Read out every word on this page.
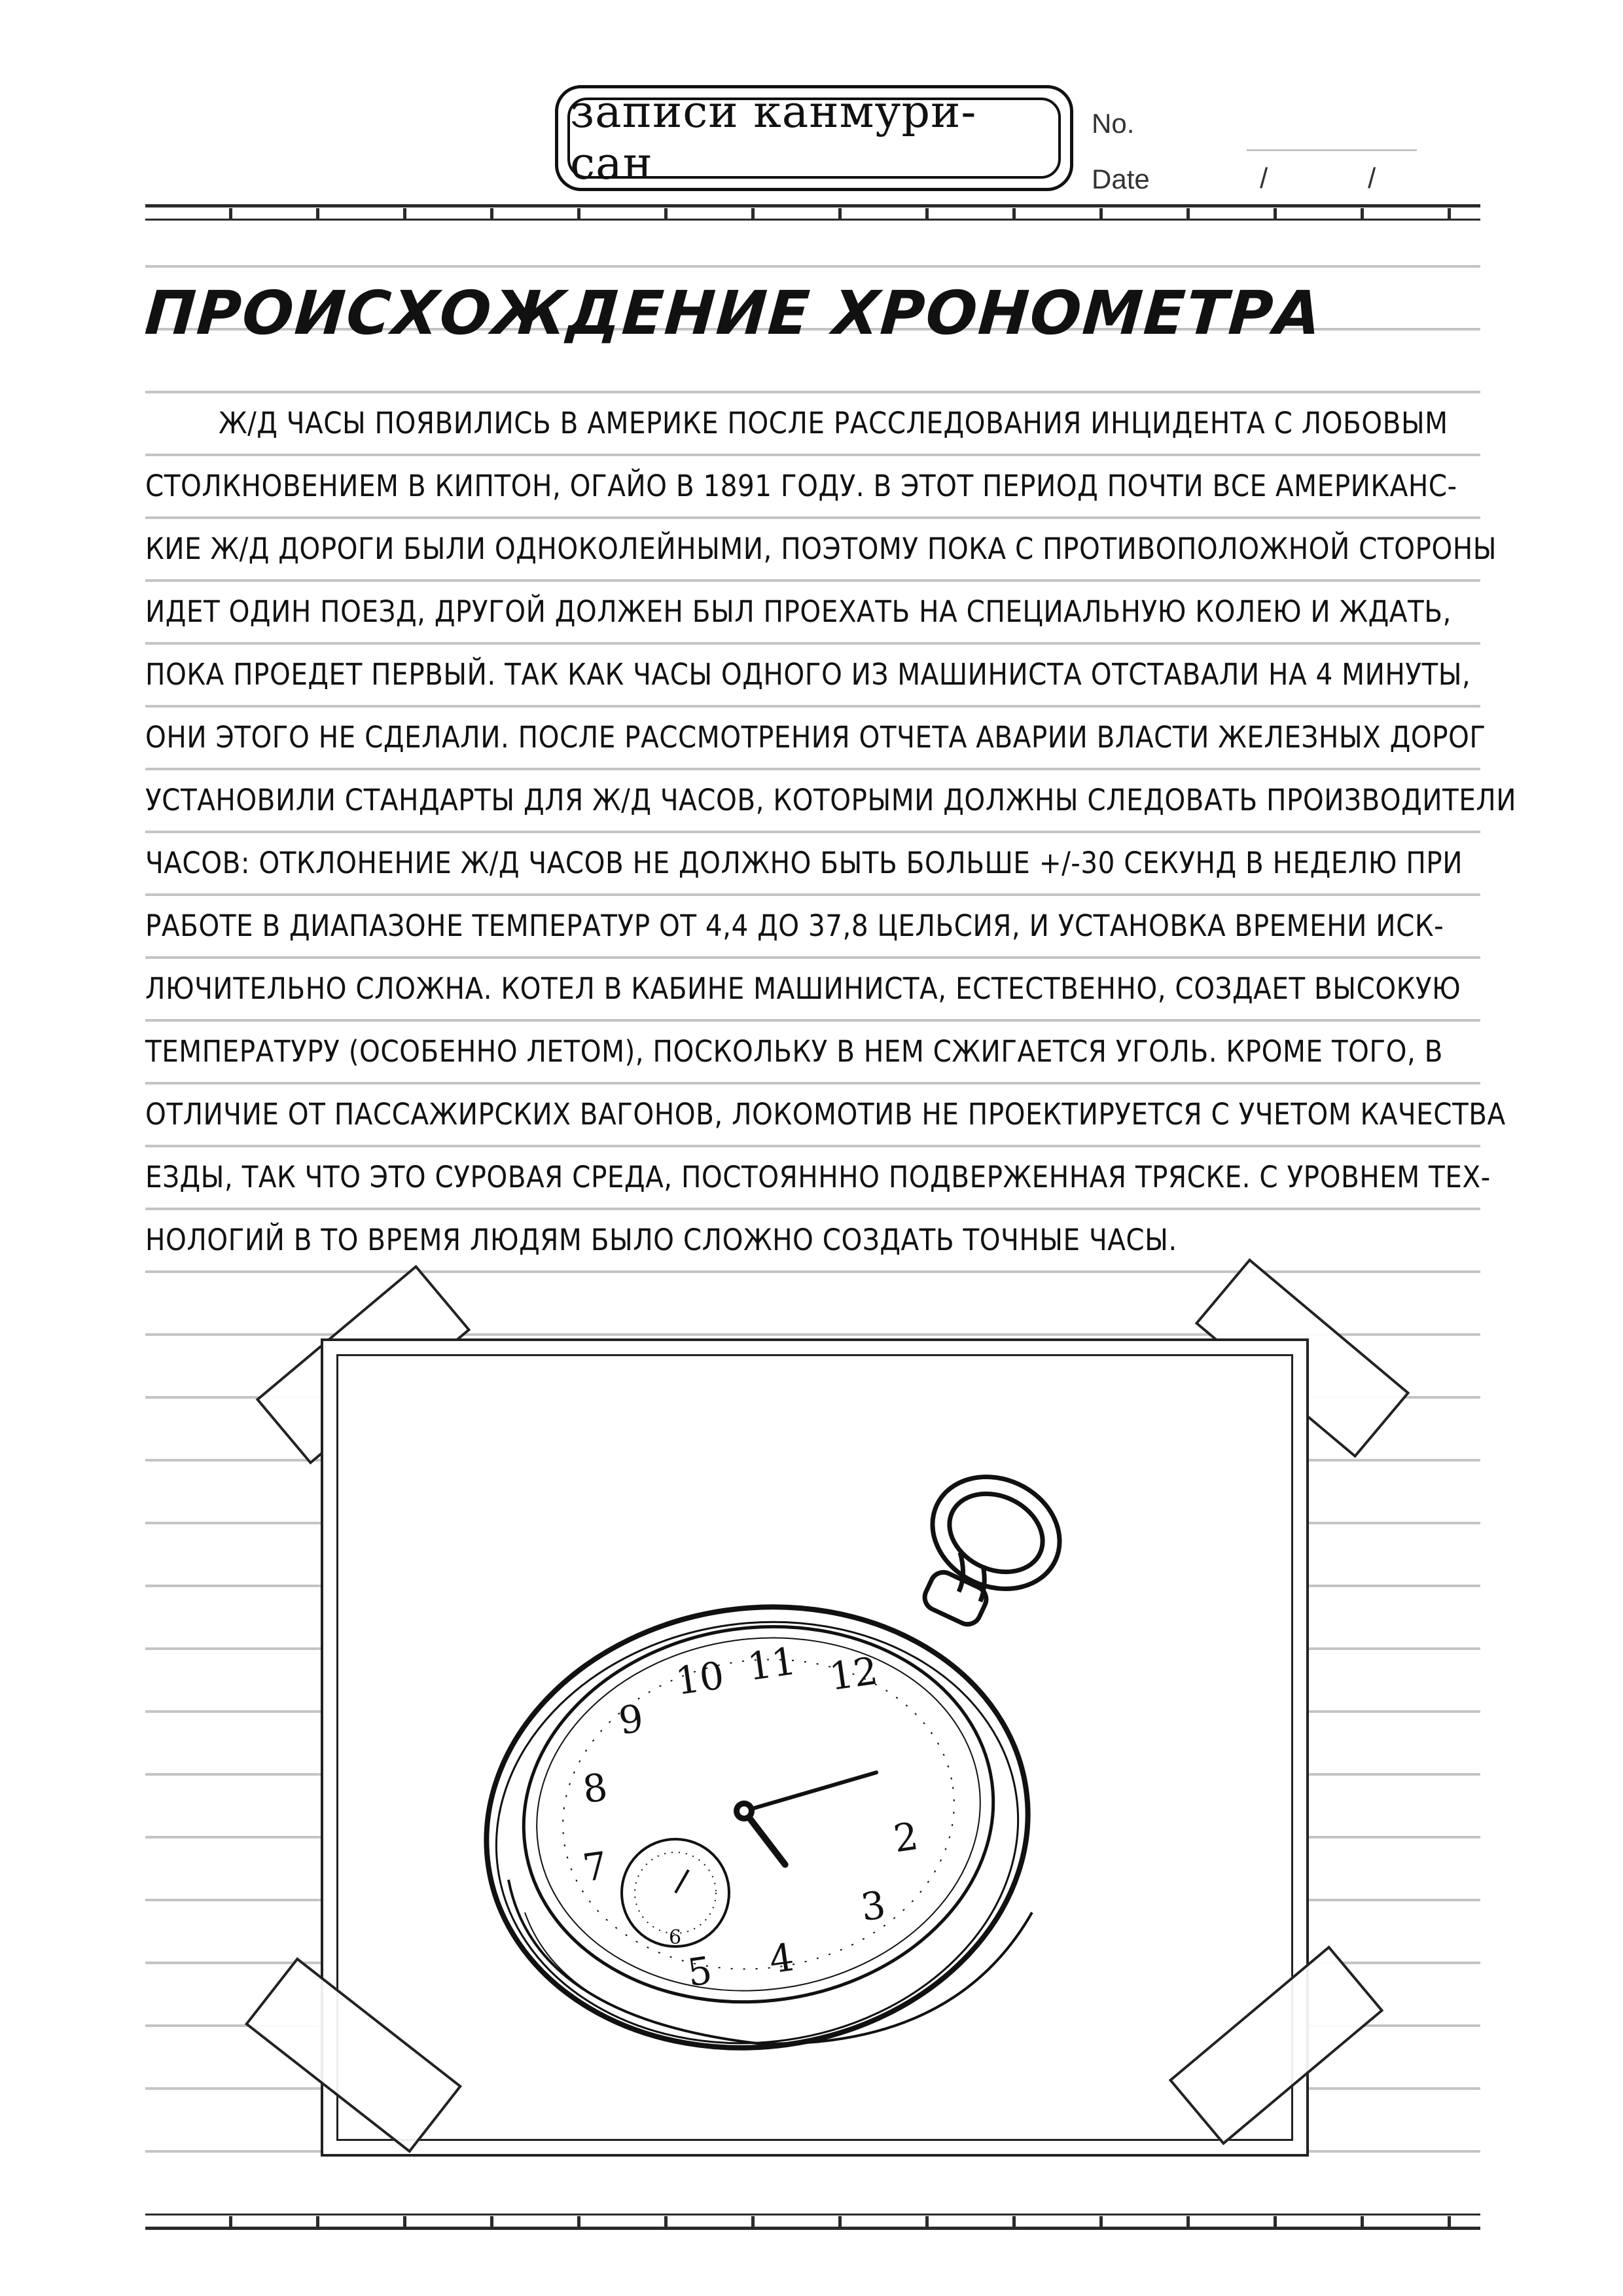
записи канмури-сан
No.
Date	/	/
ПРОИСХОЖДЕНИЕ ХРОНОМЕТРА
Ж/Д ЧАСЫ ПОЯВИЛИСЬ В АМЕРИКЕ ПОСЛЕ РАССЛЕДОВАНИЯ ИНЦИДЕНТА С ЛОБОВЫМ
СТОЛКНОВЕНИЕМ В КИПТОН, ОГАЙО В 1891 ГОДУ. В ЭТОТ ПЕРИОД ПОЧТИ ВСЕ АМЕРИКАНС-
КИЕ Ж/Д ДОРОГИ БЫЛИ ОДНОКОЛЕЙНЫМИ, ПОЭТОМУ ПОКА С ПРОТИВОПОЛОЖНОЙ СТОРОНЫ
ИДЕТ ОДИН ПОЕЗД, ДРУГОЙ ДОЛЖЕН БЫЛ ПРОЕХАТЬ НА СПЕЦИАЛЬНУЮ КОЛЕЮ И ЖДАТЬ,
ПОКА ПРОЕДЕТ ПЕРВЫЙ. ТАК КАК ЧАСЫ ОДНОГО ИЗ МАШИНИСТА ОТСТАВАЛИ НА 4 МИНУТЫ,
ОНИ ЭТОГО НЕ СДЕЛАЛИ. ПОСЛЕ РАССМОТРЕНИЯ ОТЧЕТА АВАРИИ ВЛАСТИ ЖЕЛЕЗНЫХ ДОРОГ
УСТАНОВИЛИ СТАНДАРТЫ ДЛЯ Ж/Д ЧАСОВ, КОТОРЫМИ ДОЛЖНЫ СЛЕДОВАТЬ ПРОИЗВОДИТЕЛИ
ЧАСОВ: ОТКЛОНЕНИЕ Ж/Д ЧАСОВ НЕ ДОЛЖНО БЫТЬ БОЛЬШЕ +/-30 СЕКУНД В НЕДЕЛЮ ПРИ
РАБОТЕ В ДИАПАЗОНЕ ТЕМПЕРАТУР ОТ 4,4 ДО 37,8 ЦЕЛЬСИЯ, И УСТАНОВКА ВРЕМЕНИ ИСК-
ЛЮЧИТЕЛЬНО СЛОЖНА. КОТЕЛ В КАБИНЕ МАШИНИСТА, ЕСТЕСТВЕННО, СОЗДАЕТ ВЫСОКУЮ
ТЕМПЕРАТУРУ (ОСОБЕННО ЛЕТОМ), ПОСКОЛЬКУ В НЕМ СЖИГАЕТСЯ УГОЛЬ. КРОМЕ ТОГО, В
ОТЛИЧИЕ ОТ ПАССАЖИРСКИХ ВАГОНОВ, ЛОКОМОТИВ НЕ ПРОЕКТИРУЕТСЯ С УЧЕТОМ КАЧЕСТВА
ЕЗДЫ, ТАК ЧТО ЭТО СУРОВАЯ СРЕДА, ПОСТОЯНННО ПОДВЕРЖЕННАЯ ТРЯСКЕ. С УРОВНЕМ ТЕХ-
НОЛОГИЙ В ТО ВРЕМЯ ЛЮДЯМ БЫЛО СЛОЖНО СОЗДАТЬ ТОЧНЫЕ ЧАСЫ.
12
11
10
9
8
7
5 4
3
2
6
